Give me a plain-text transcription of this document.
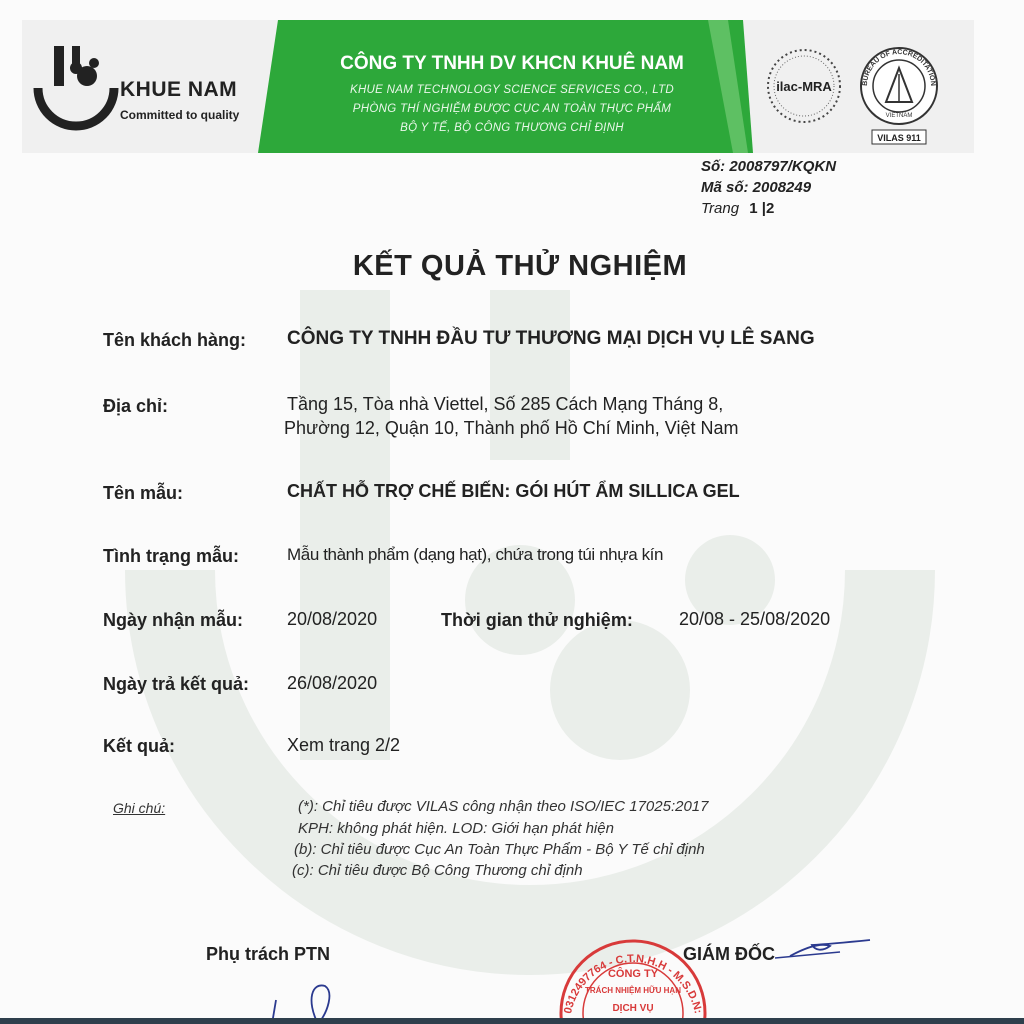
KHUE NAM
Committed to quality
CÔNG TY TNHH DV KHCN KHUÊ NAM
KHUE NAM TECHNOLOGY SCIENCE SERVICES CO., LTD
PHÒNG THÍ NGHIỆM ĐƯỢC CỤC AN TOÀN THỰC PHẨM
BỘ Y TẾ, BỘ CÔNG THƯƠNG CHỈ ĐỊNH
ilac-MRA	BUREAU OF ACCREDITATION
VIETNAM
VILAS 911
Số: 2008797/KQKN
Mã số: 2008249
Trang 1 |2
KẾT QUẢ THỬ NGHIỆM
Tên khách hàng: CÔNG TY TNHH ĐẦU TƯ THƯƠNG MẠI DỊCH VỤ LÊ SANG
Địa chỉ:	Tầng 15, Tòa nhà Viettel, Số 285 Cách Mạng Tháng 8,
Phường 12, Quận 10, Thành phố Hồ Chí Minh, Việt Nam
Tên mẫu:	CHẤT HỖ TRỢ CHẾ BIẾN: GÓI HÚT ẨM SILLICA GEL
Tình trạng mẫu:	Mẫu thành phẩm (dạng hạt), chứa trong túi nhựa kín
Ngày nhận mẫu: 20/08/2020	Thời gian thử nghiệm:	20/08 - 25/08/2020
Ngày trả kết quả: 26/08/2020
Kết quả:	Xem trang 2/2
Ghi chú:	(*): Chỉ tiêu được VILAS công nhận theo ISO/IEC 17025:2017
KPH: không phát hiện. LOD: Giới hạn phát hiện
(b): Chỉ tiêu được Cục An Toàn Thực Phẩm - Bộ Y Tế chỉ định
(c): Chỉ tiêu được Bộ Công Thương chỉ định
Phụ trách PTN
0312497764 - C.T.N.H.H - M.S.D.N:
CÔNG TY
TRÁCH NHIỆM HỮU HẠN
DỊCH VỤ
GIÁM ĐỐC
